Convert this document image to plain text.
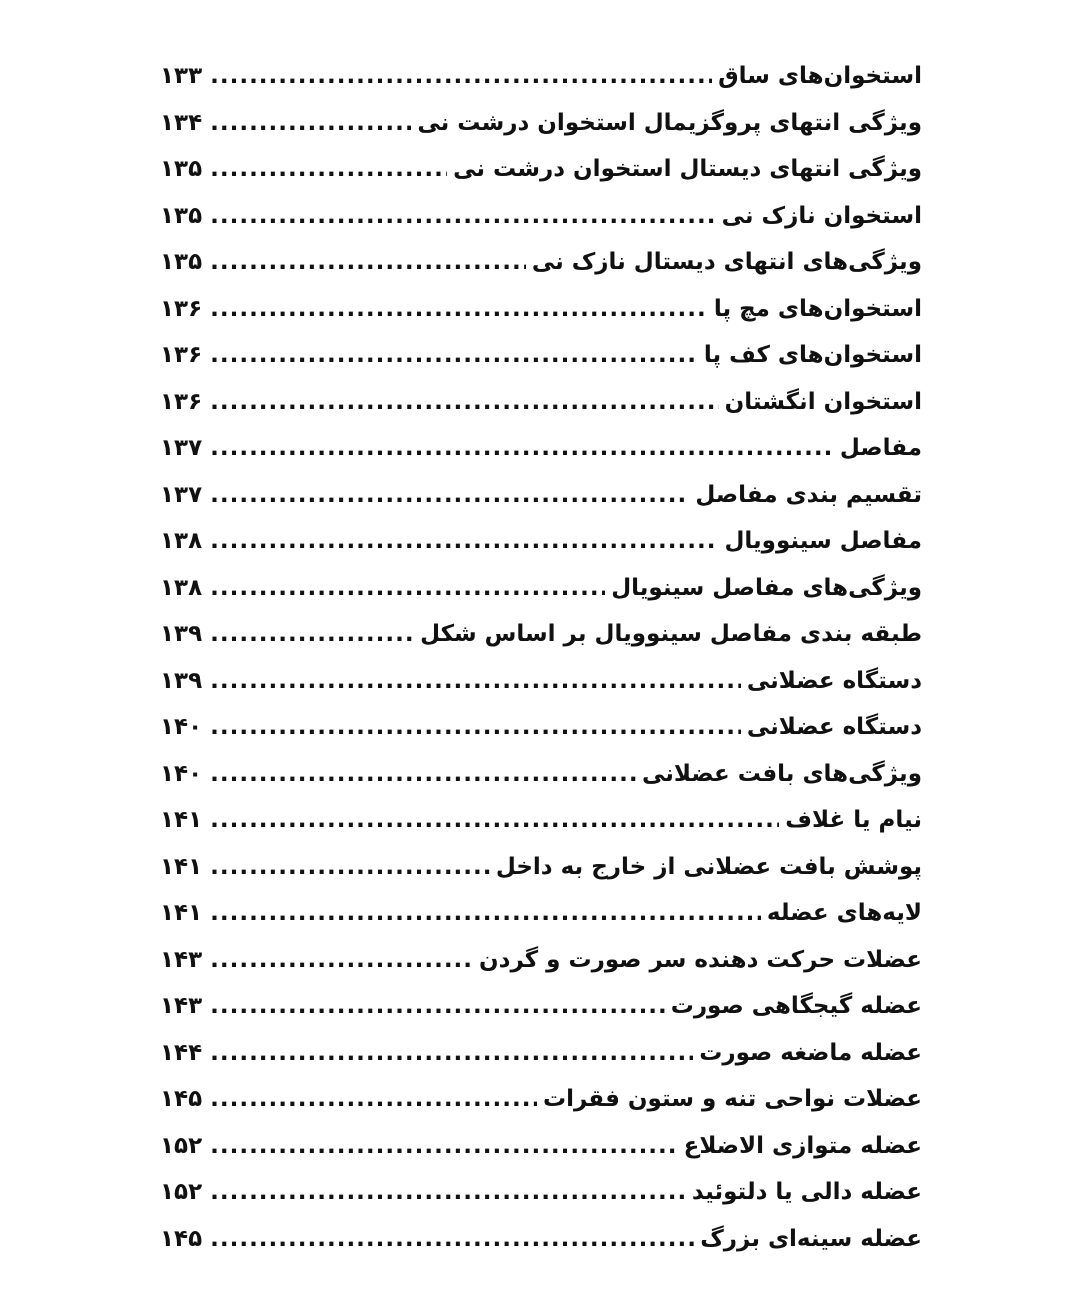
استخوان‌های ساق
.....
۱۳۳
ویژگی انتهای پروگزیمال استخوان درشت نی
.....
۱۳۴
ویژگی انتهای دیستال استخوان درشت نی
.....
۱۳۵
استخوان نازک نی
.....
۱۳۵
ویژگی‌های انتهای دیستال نازک نی
.....
۱۳۵
استخوان‌های مچ پا
.....
۱۳۶
استخوان‌های کف پا
.....
۱۳۶
استخوان انگشتان
.....
۱۳۶
مفاصل
.....
۱۳۷
تقسیم بندی مفاصل
.....
۱۳۷
مفاصل سینوویال
.....
۱۳۸
ویژگی‌های مفاصل سینویال
.....
۱۳۸
طبقه بندی مفاصل سینوویال بر اساس شکل
.....
۱۳۹
دستگاه عضلانی
.....
۱۳۹
دستگاه عضلانی
.....
۱۴۰
ویژگی‌های بافت عضلانی
.....
۱۴۰
نیام یا غلاف
.....
۱۴۱
پوشش بافت عضلانی از خارج به داخل
.....
۱۴۱
لایه‌های عضله
.....
۱۴۱
عضلات حرکت دهنده سر صورت و گردن
.....
۱۴۳
عضله گیجگاهی صورت
.....
۱۴۳
عضله ماضغه صورت
.....
۱۴۴
عضلات نواحی تنه و ستون فقرات
.....
۱۴۵
عضله متوازی الاضلاع
.....
۱۵۲
عضله دالی یا دلتوئید
.....
۱۵۲
عضله سینه‌ای بزرگ
.....
۱۴۵
